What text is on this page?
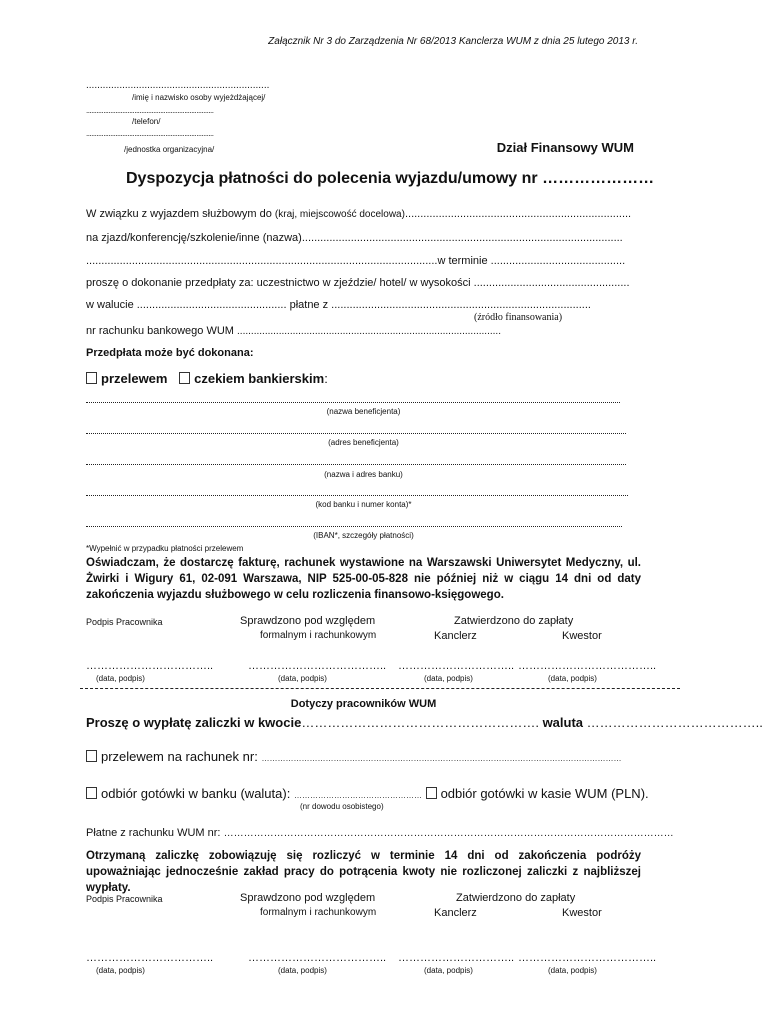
Załącznik Nr 3 do Zarządzenia Nr 68/2013 Kanclerza WUM z dnia 25 lutego 2013 r.
..................................................................
/imię i nazwisko osoby wyjeżdżającej/
..........................................................................
/telefon/
..........................................................................
/jednostka organizacyjna/	Dział Finansowy WUM
Dyspozycja płatności do polecenia wyjazdu/umowy nr …………………
W związku z wyjazdem służbowym do (kraj, miejscowość docelowa)..........................................................................
na zjazd/konferencję/szkolenie/inne (nazwa).........................................................................................................
...................................................................................................................w terminie ............................................
proszę o dokonanie przedpłaty za: uczestnictwo w zjeździe/ hotel/ w wysokości ...................................................
w walucie ................................................. płatne z .....................................................................................
(źródło finansowania)
nr rachunku bankowego WUM ...............................................................................................
Przedpłata może być dokonana:
przelewem czekiem bankierskim:
(nazwa beneficjenta)
(adres beneficjenta)
(nazwa i adres banku)
(kod banku i numer konta)*
(IBAN*, szczegóły płatności)
*Wypełnić w przypadku płatności przelewem
Oświadczam, że dostarczę fakturę, rachunek wystawione na Warszawski Uniwersytet Medyczny, ul. Żwirki i Wigury 61, 02-091 Warszawa, NIP 525-00-05-828 nie później niż w ciągu 14 dni od daty zakończenia wyjazdu służbowego w celu rozliczenia finansowo-księgowego.
Podpis Pracownika	Sprawdzono pod względem
formalnym i rachunkowym
Zatwierdzono do zapłaty
Kanclerz	Kwestor
……………………………..	……………………………….. ………………………….. ………………………………..
(data, podpis)	(data, podpis)	(data, podpis)	(data, podpis)
Dotyczy pracowników WUM
Proszę o wypłatę zaliczki w kwocie………………………………………………. waluta …………………………………..
przelewem na rachunek nr: ………………………………………………………………………………………………………………………
odbiór gotówki w banku (waluta): ………………………………………… odbiór gotówki w kasie WUM (PLN).
(nr dowodu osobistego)
Płatne z rachunku WUM nr: ………………………………………………………………………………………………………………………
Otrzymaną zaliczkę zobowiązuję się rozliczyć w terminie 14 dni od zakończenia podróży upoważniając jednocześnie zakład pracy do potrącenia kwoty nie rozliczonej zaliczki z najbliższej wypłaty.
Podpis Pracownika	Sprawdzono pod względem
formalnym i rachunkowym
Zatwierdzono do zapłaty
Kanclerz	Kwestor
……………………………..	……………………………….. ………………………….. ………………………………..
(data, podpis)	(data, podpis)	(data, podpis)	(data, podpis)
